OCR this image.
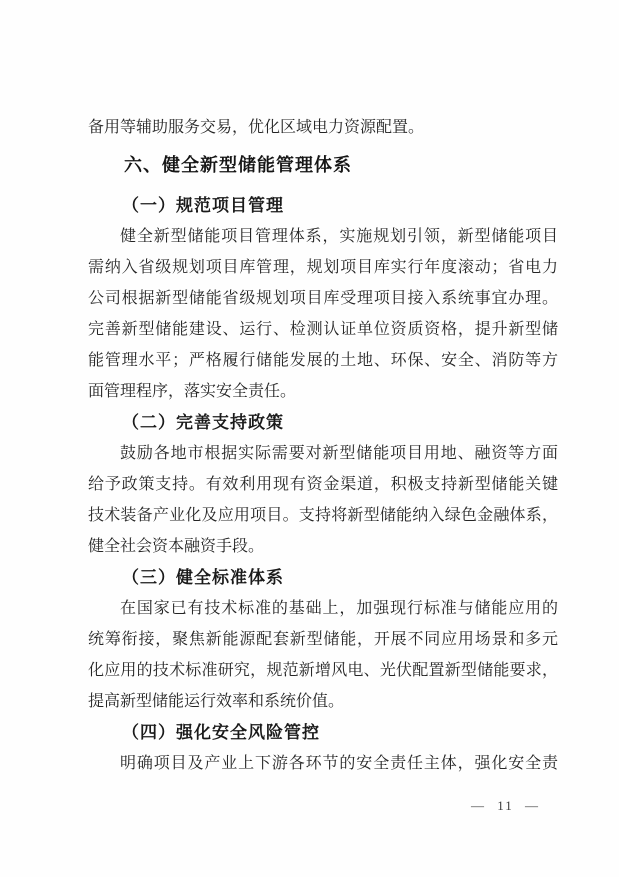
备用等辅助服务交易，优化区域电力资源配置。
六、健全新型储能管理体系
（一）规范项目管理
健全新型储能项目管理体系，实施规划引领，新型储能项目
需纳入省级规划项目库管理，规划项目库实行年度滚动；省电力
公司根据新型储能省级规划项目库受理项目接入系统事宜办理。
完善新型储能建设、运行、检测认证单位资质资格，提升新型储
能管理水平；严格履行储能发展的土地、环保、安全、消防等方
面管理程序，落实安全责任。
（二）完善支持政策
鼓励各地市根据实际需要对新型储能项目用地、融资等方面
给予政策支持。有效利用现有资金渠道，积极支持新型储能关键
技术装备产业化及应用项目。支持将新型储能纳入绿色金融体系，
健全社会资本融资手段。
（三）健全标准体系
在国家已有技术标准的基础上，加强现行标准与储能应用的
统筹衔接，聚焦新能源配套新型储能，开展不同应用场景和多元
化应用的技术标准研究，规范新增风电、光伏配置新型储能要求，
提高新型储能运行效率和系统价值。
（四）强化安全风险管控
明确项目及产业上下游各环节的安全责任主体，强化安全责
— 11 —
